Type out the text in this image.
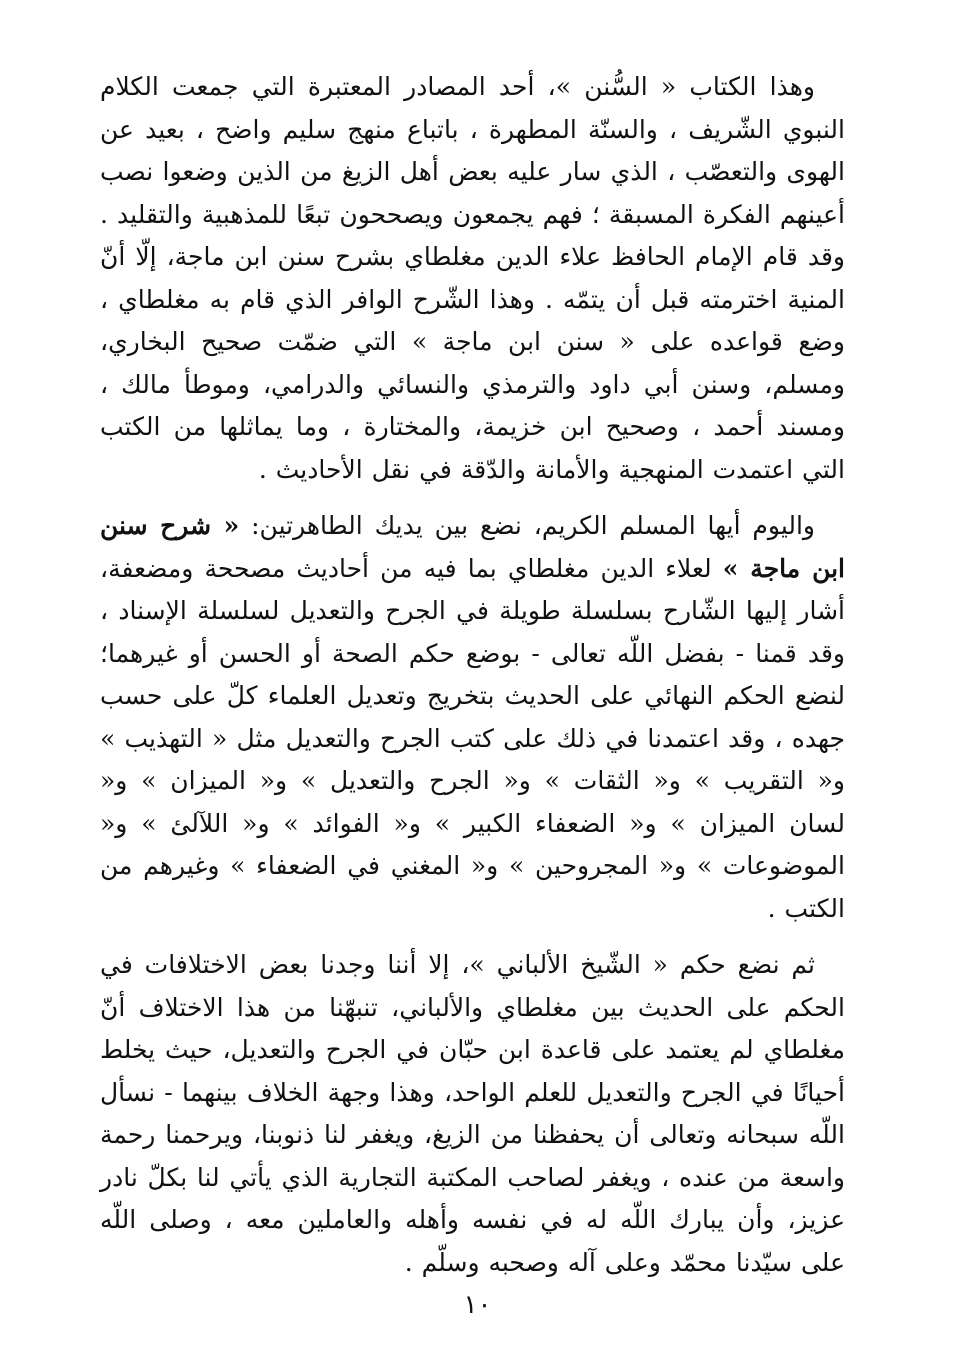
وهذا الكتاب « السُّنن »، أحد المصادر المعتبرة التي جمعت الكلام النبوي الشّريف ، والسنّة المطهرة ، باتباع منهج سليم واضح ، بعيد عن الهوى والتعصّب ، الذي سار عليه بعض أهل الزيغ من الذين وضعوا نصب أعينهم الفكرة المسبقة ؛ فهم يجمعون ويصححون تبعًا للمذهبية والتقليد . وقد قام الإمام الحافظ علاء الدين مغلطاي بشرح سنن ابن ماجة، إلّا أنّ المنية اخترمته قبل أن يتمّه . وهذا الشّرح الوافر الذي قام به مغلطاي ، وضع قواعده على « سنن ابن ماجة » التي ضمّت صحيح البخاري، ومسلم، وسنن أبي داود والترمذي والنسائي والدرامي، وموطأ مالك ، ومسند أحمد ، وصحيح ابن خزيمة، والمختارة ، وما يماثلها من الكتب التي اعتمدت المنهجية والأمانة والدّقة في نقل الأحاديث .

واليوم أيها المسلم الكريم، نضع بين يديك الطاهرتين: « شرح سنن ابن ماجة » لعلاء الدين مغلطاي بما فيه من أحاديث مصححة ومضعفة، أشار إليها الشّارح بسلسلة طويلة في الجرح والتعديل لسلسلة الإسناد ، وقد قمنا - بفضل اللّه تعالى - بوضع حكم الصحة أو الحسن أو غيرهما؛ لنضع الحكم النهائي على الحديث بتخريج وتعديل العلماء كلّ على حسب جهده ، وقد اعتمدنا في ذلك على كتب الجرح والتعديل مثل « التهذيب » و« التقريب » و« الثقات » و« الجرح والتعديل » و« الميزان » و« لسان الميزان » و« الضعفاء الكبير » و« الفوائد » و« اللآلئ » و« الموضوعات » و« المجروحين » و« المغني في الضعفاء » وغيرهم من الكتب .

ثم نضع حكم « الشّيخ الألباني »، إلا أننا وجدنا بعض الاختلافات في الحكم على الحديث بين مغلطاي والألباني، تنبهّنا من هذا الاختلاف أنّ مغلطاي لم يعتمد على قاعدة ابن حبّان في الجرح والتعديل، حيث يخلط أحيانًا في الجرح والتعديل للعلم الواحد، وهذا وجهة الخلاف بينهما - نسأل اللّه سبحانه وتعالى أن يحفظنا من الزيغ، ويغفر لنا ذنوبنا، ويرحمنا رحمة واسعة من عنده ، ويغفر لصاحب المكتبة التجارية الذي يأتي لنا بكلّ نادر عزيز، وأن يبارك اللّه له في نفسه وأهله والعاملين معه ، وصلى اللّه على سيّدنا محمّد وعلى آله وصحبه وسلّم .

١٠
